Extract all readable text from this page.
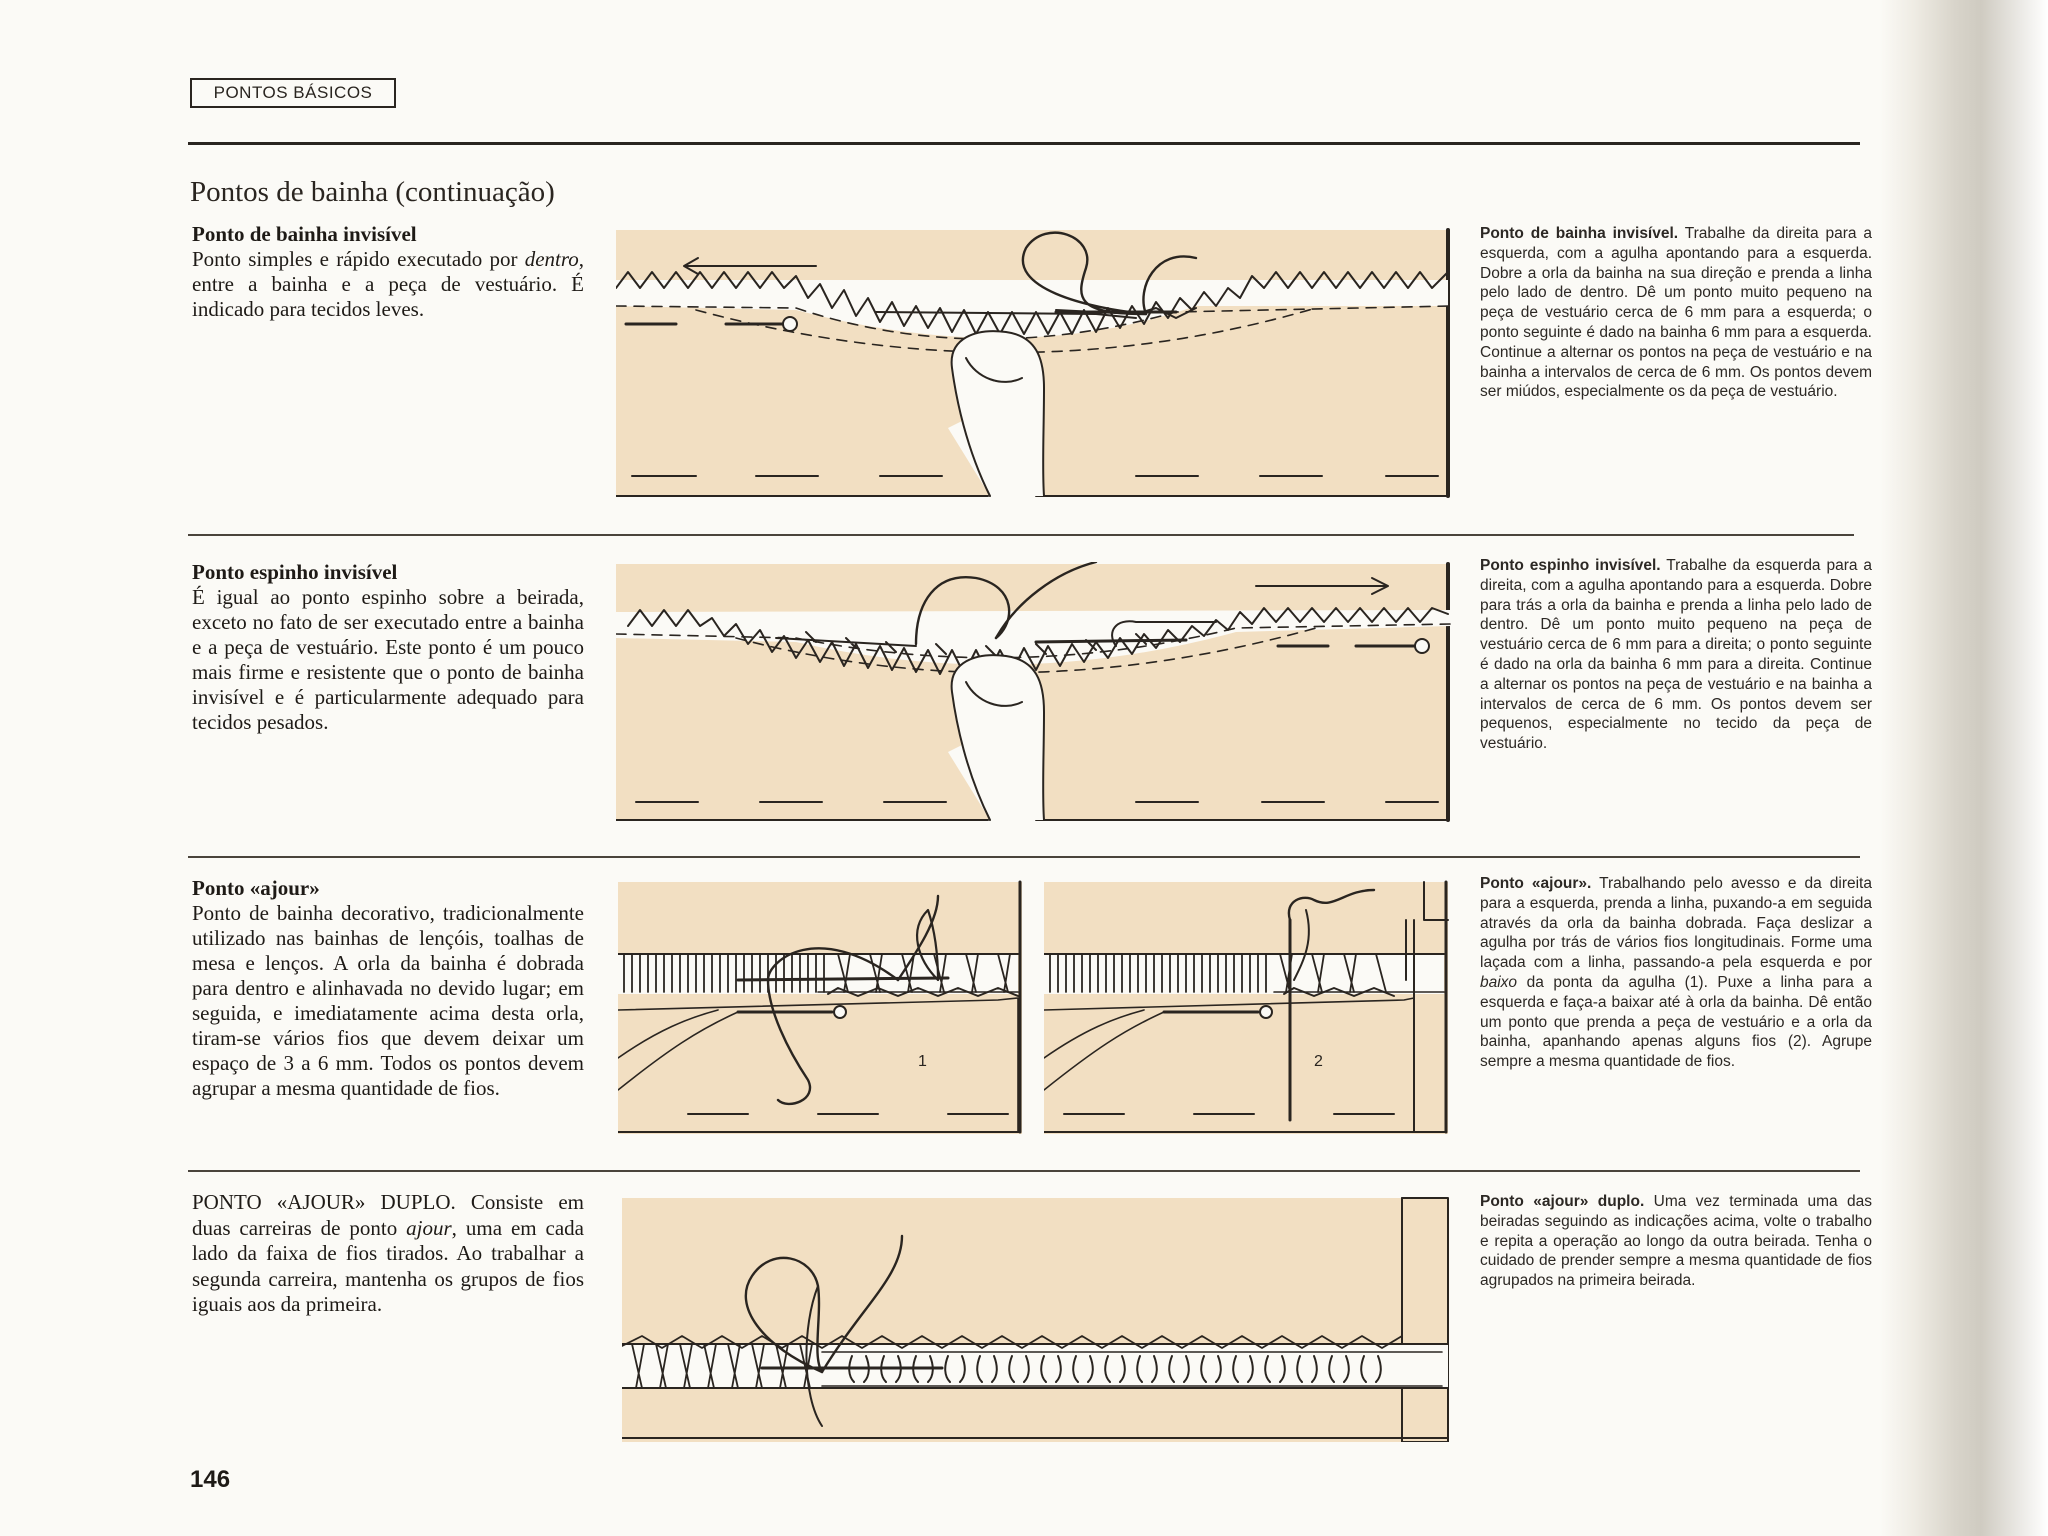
PONTOS BÁSICOS
Pontos de bainha (continuação)
Ponto de bainha invisível
Ponto simples e rápido executado por dentro, entre a bainha e a peça de vestuário. É indicado para tecidos leves.
Ponto de bainha invisível. Trabalhe da direita para a esquerda, com a agulha apontando para a esquerda. Dobre a orla da bainha na sua direção e prenda a linha pelo lado de dentro. Dê um ponto muito pequeno na peça de vestuário cerca de 6 mm para a esquerda; o ponto seguinte é dado na bainha 6 mm para a esquerda. Continue a alternar os pontos na peça de vestuário e na bainha a intervalos de cerca de 6 mm. Os pontos devem ser miúdos, especialmente os da peça de vestuário.
Ponto espinho invisível
É igual ao ponto espinho sobre a beirada, exceto no fato de ser executado entre a bainha e a peça de vestuário. Este ponto é um pouco mais firme e resistente que o ponto de bainha invisível e é particularmente adequado para tecidos pesados.
Ponto espinho invisível. Trabalhe da esquerda para a direita, com a agulha apontando para a esquerda. Dobre para trás a orla da bainha e prenda a linha pelo lado de dentro. Dê um ponto muito pequeno na peça de vestuário cerca de 6 mm para a direita; o ponto seguinte é dado na orla da bainha 6 mm para a direita. Continue a alternar os pontos na peça de vestuário e na bainha a intervalos de cerca de 6 mm. Os pontos devem ser pequenos, especialmente no tecido da peça de vestuário.
Ponto «ajour»
Ponto de bainha decorativo, tradicionalmente utilizado nas bainhas de lençóis, toalhas de mesa e lenços. A orla da bainha é dobrada para dentro e alinhavada no devido lugar; em seguida, e imediatamente acima desta orla, tiram-se vários fios que devem deixar um espaço de 3 a 6 mm. Todos os pontos devem agrupar a mesma quantidade de fios.
1	2
Ponto «ajour». Trabalhando pelo avesso e da direita para a esquerda, prenda a linha, puxando-a em seguida através da orla da bainha dobrada. Faça deslizar a agulha por trás de vários fios longitudinais. Forme uma laçada com a linha, passando-a pela esquerda e por baixo da ponta da agulha (1). Puxe a linha para a esquerda e faça-a baixar até à orla da bainha. Dê então um ponto que prenda a peça de vestuário e a orla da bainha, apanhando apenas alguns fios (2). Agrupe sempre a mesma quantidade de fios.
PONTO «AJOUR» DUPLO. Consiste em duas carreiras de ponto ajour, uma em cada lado da faixa de fios tirados. Ao trabalhar a segunda carreira, mantenha os grupos de fios iguais aos da primeira.
Ponto «ajour» duplo. Uma vez terminada uma das beiradas seguindo as indicações acima, volte o trabalho e repita a operação ao longo da outra beirada. Tenha o cuidado de prender sempre a mesma quantidade de fios agrupados na primeira beirada.
146
